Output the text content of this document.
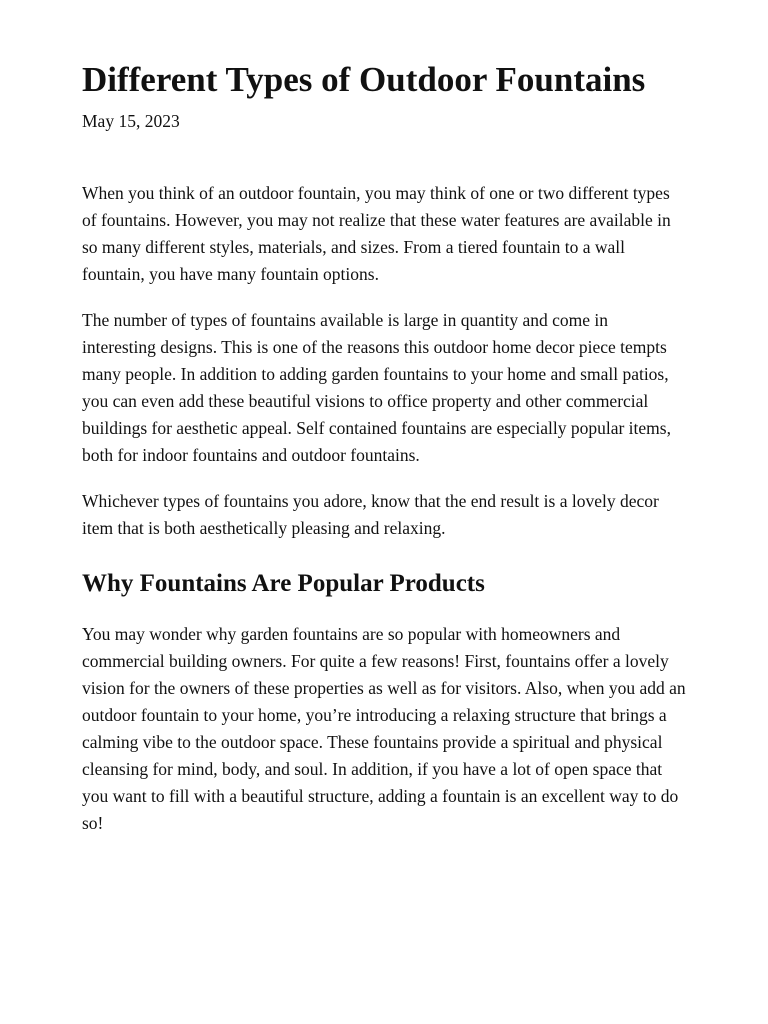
Different Types of Outdoor Fountains
May 15, 2023

When you think of an outdoor fountain, you may think of one or two different types of fountains. However, you may not realize that these water features are available in so many different styles, materials, and sizes. From a tiered fountain to a wall fountain, you have many fountain options.

The number of types of fountains available is large in quantity and come in interesting designs. This is one of the reasons this outdoor home decor piece tempts many people. In addition to adding garden fountains to your home and small patios, you can even add these beautiful visions to office property and other commercial buildings for aesthetic appeal. Self contained fountains are especially popular items, both for indoor fountains and outdoor fountains.

Whichever types of fountains you adore, know that the end result is a lovely decor item that is both aesthetically pleasing and relaxing.

Why Fountains Are Popular Products

You may wonder why garden fountains are so popular with homeowners and commercial building owners. For quite a few reasons! First, fountains offer a lovely vision for the owners of these properties as well as for visitors. Also, when you add an outdoor fountain to your home, you’re introducing a relaxing structure that brings a calming vibe to the outdoor space. These fountains provide a spiritual and physical cleansing for mind, body, and soul. In addition, if you have a lot of open space that you want to fill with a beautiful structure, adding a fountain is an excellent way to do so!
